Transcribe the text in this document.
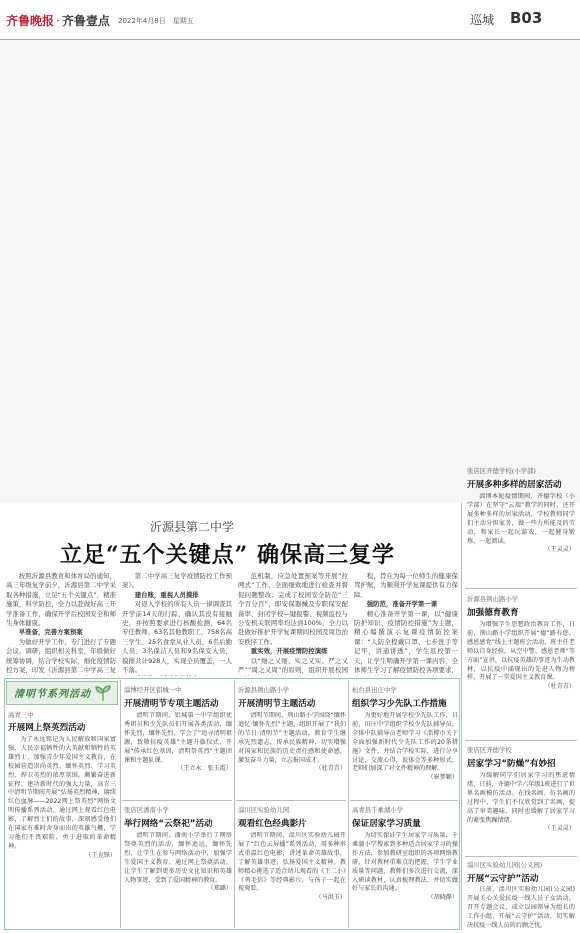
齐鲁晚报 · 齐鲁壹点 2022年4月8日　星期五	巡城 B03
沂源县第二中学
立足“五个关键点” 确保高三复学

按照沂源县教育和体育局的通知，高三年级复学前夕，沂源县第二中学采取各种措施，立足“五个关键点”，精准施策，科学防控，全力以赴做好高三开学准备工作，确保开学后校园安全和师生身体健康。

早准备，完善方案预案

为做好开学工作，专门进行了专题会议，调研，组织相关科室，年级做好统筹协调，结合学校实际，细化疫情防控方案，印发《沂源县第二中学高三复

第二中学高三复学疫情防控工作预案》。

建台账，重视人员摸排

对返入学校的所有人员一律调查其开学前14天的行踪，确认其没有接触史，并按照要求进行核酸检测，64名专任教师、63名其他教职工、758名高三学生、25名食堂从业人员、6名后勤人员、3名保洁人员和9名保安人员，摸排共计928人，实现全员覆盖，一人不落。

范机制，应急处置预案等开展“拉网式”工作，全面细致地进行检查并督促问题整改；完成了校园安全防范“三个百分百”，即安保器械及专职保安配备率、封闭学校—键报警、视频监控与公安机关联网率均达到100%，全力以赴做好推护开学复课期间校园及周边治安秩序工作。

重实效，开展疫情防控演练

以“细之又细、实之又实、严之又严”“周之又周”的原则，组织开展校园

程，旨在为每一位师生的健康保驾护航，为顺利开学复课提供有力保障。

强防范，准备开学第一课

精心准备开学第一课，以“健康防护知识、疫情防控措施”为主题，精心编撰演示复课疫情防控案课：“人防全程戴口罩、七步洗手等记牢，讲通讲透”，学生返校第一天，让学生明确开学第一课内容，全体师生学习了解疫情防控各项要求，

清明节系列活动
高青三中
开展网上祭英烈活动

为了永远铭记为人民解放和国家富强、人民幸福牺牲的大英献和牺牲的英雄烈士，加强青少年爱国主义教育，在校园营造崇尚英烈、缅怀英烈、学习英烈、捍卫英烈的浓厚氛围。颇繁奋进新征程、建功新时代的强大力量，高青三中清明节期间开展“弘扬英烈精神，赓续红色血脉——2022网上祭英烈”网络文明传播系列活动，通过网上观看红色电影，了解烈士们的故事，深刻感受他们在国家有难时舍身而出的英雄气概，学习他们不畏艰险、勇于进取的革命精神。

（王克锋）

淄博经开区铝城一中
开展清明节专项主题活动

清明节期间，铝城第一中学组织优秀团员和少先队员们开展各类活动，缅怀先烈，缅怀先烈，学会了“追寻清明祖源，致敬抗疫英雄”主题升旗仪式，开展“传承红色基因，清明祭英烈”主题团课和主题队课。

（王立永　张玉霞）

张店区潘南小学
举行网络“云祭祀”活动

清明节期间，潘南小学举行了网络祭奠英烈的活动，缅怀追远，缅怀先烈，让学生在参与网络活动中，加强学生爱国主义教育。通过网上祭奠活动，让学生了解到更多历史文化知识和英雄人物事迹，受到了爱国精神的教育。

（郑璐）

沂源县荆山路小学
开展清明节主题活动

清明节期间，荆山路小学围绕“缅怀追忆·缅怀先烈”主题，组织开展了“我们的节日·清明节”主题活动。教育学生继承先烈遗志，传承民族精神，切实增强对国家和民族的历史责任感和使命感，激发奋斗力量，立志报国成才。

（杜青青）

淄川区实验幼儿园
观看红色经典影片

清明节期间，淄川区实验幼儿园开展了“红色云屏播”系列活动，用多种形式重温红色电影，讲述革命英雄故事，了解英雄事迹，弘扬爱国主义精神。教师精心挑选了适合幼儿观看的《王二小》《鸡毛信》等经典影片，与孩子一起在视观看。

（马洪玉）

桓台县田庄中学
组织学习少先队工作措施

为更好地开展学校少先队工作，日前，田庄中学组织学校少先队辅导员，全体中队辅导员老师学习《淄博市关于全面加强新时代少先队工作的20条措施》文件，并结合学校实际，进行分享讨论，交流心得，说体会等多种形式，老师们加深了对文件精神的理解。

（崔梦颖）

高青县千乘湖小学
保证居家学习质量

为切实保证学生居家学习质量，千乘湖小学搜索到多种适合居家学习的操作方法，参加教研室组织的各项网络教研，针对教材重难点的把握，学生学业质量等问题，教师们多次进行交流，深入研读教材，认真梳理教法，并切实做好与家长的沟通。

（胡晓静）

张店区齐德学校(小学部)
开展多种多样的居家活动

淄博本轮疫情期间，齐德学校（小学部）在坚守“云端”教学的同时，还开展多种多样的居家活动，学校教师同学们主动分担家务，做一些力所能及的劳动，和家长一起玩游戏，一起健身锻炼，一起阅读。

（王灵灵）

沂源县荆山路小学
加强德育教育

为增强学生思想政治教育工作，日前，荆山路小学组织开展“德”路有您，感恩感党”线上主题班会活动，班主任老师以自身经验，从空中警、感恩老师”等方面”宣讲，以抗疫英雄的事迹为生动教材，以抗疫中涌现出的先进人物为榜样，开展了一堂爱国主义教育课。

（杜青青）

张店区齐德学校
居家学习“防燥”有妙招

为缓解同学们居家学习的焦虑情绪，日前，齐德中学六年级1班进行了世界名画模仿活动。在找名画、仿名画的过程中，学生们不仅欣赏到了名画，提高了审美趣味，同时也缓解了居家学习的紧张焦躁情绪。

（王灵灵）

淄川区实验幼儿园(公义园)
开展“云守护”活动

日前，淄川区实验幼儿园(公义园)开展关心关爱抗疫一线人员子女活动，召开专题会议，成立以园领导为组长的工作小组，开展“云守护”活动，切实解决抗疫一线人员的后顾之忧。
